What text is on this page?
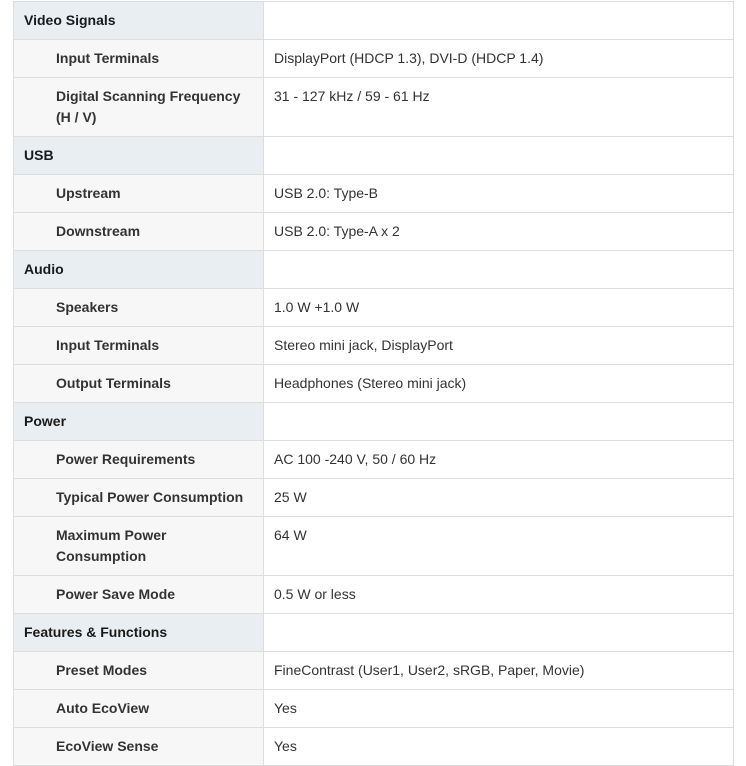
Video Signals	
Input Terminals	DisplayPort (HDCP 1.3), DVI-D (HDCP 1.4)
Digital Scanning Frequency (H / V)	31 - 127 kHz / 59 - 61 Hz
USB	
Upstream	USB 2.0: Type-B
Downstream	USB 2.0: Type-A x 2
Audio	
Speakers	1.0 W +1.0 W
Input Terminals	Stereo mini jack, DisplayPort
Output Terminals	Headphones (Stereo mini jack)
Power	
Power Requirements	AC 100 -240 V, 50 / 60 Hz
Typical Power Consumption	25 W
Maximum Power Consumption	64 W
Power Save Mode	0.5 W or less
Features & Functions	
Preset Modes	FineContrast (User1, User2, sRGB, Paper, Movie)
Auto EcoView	Yes
EcoView Sense	Yes
